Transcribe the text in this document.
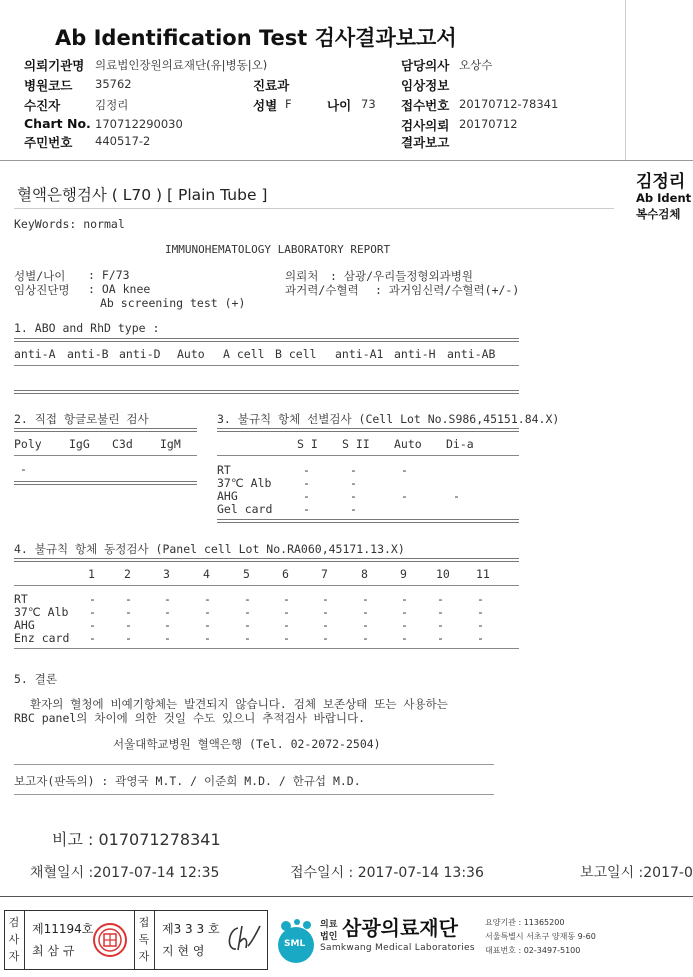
Ab Identification Test 검사결과보고서
의뢰기관명 의료법인장원의료재단(유|병동|오)
병원코드 35762
수진자	김정리
Chart No. 170712290030
주민번호 440517-2
진료과
성별 F	나이 73
담당의사 오상수
임상정보
접수번호 20170712-78341
검사의뢰 20170712
결과보고
김정리
Ab Ident
복수검체
혈액은행검사 ( L70 ) [ Plain Tube ]
KeyWords: normal
IMMUNOHEMATOLOGY LABORATORY REPORT
성별/나이 : F/73
임상진단명 : OA knee
Ab screening test (+)
의뢰처 : 삼광/우리들정형외과병원
과거력/수혈력 : 과거임신력/수혈력(+/-)
1. ABO and RhD type :
anti-A anti-B anti-D Auto A cell B cell anti-A1 anti-H anti-AB
2. 직접 항글로불린 검사
Poly IgG C3d IgM
-
3. 불규칙 항체 선별검사 (Cell Lot No.S986,45151.84.X)
S I S II Auto Di-a
RT	-	-	-
37℃ Alb	-	-
AHG	-	-	-	-
Gel card	-	-
4. 불규칙 항체 동정검사 (Panel cell Lot No.RA060,45171.13.X)
1	2	3	4	5	6	7	8	9	10 11
RT	-	-	-	-	-	-	-	-	-	-	-
37℃ Alb -	-	-	-	-	-	-	-	-	-	-
AHG	-	-	-	-	-	-	-	-	-	-	-
Enz card -	-	-	-	-	-	-	-	-	-	-
5. 결론
환자의 혈청에 비예기항체는 발견되지 않습니다. 검체 보존상태 또는 사용하는
RBC panel의 차이에 의한 것일 수도 있으니 추적검사 바랍니다.
서울대학교병원 혈액은행 (Tel. 02-2072-2504)
보고자(판독의) : 곽영국 M.T. / 이준희 M.D. / 한규섭 M.D.
비고 : 017071278341
채혈일시 :2017-07-14 12:35	접수일시 : 2017-07-14 13:36	보고일시 :2017-0
검사자
제11194호
최 삼 규
접독자
제3 3 3 호
지 현 영	SML
의료
법인 삼광의료재단
Samkwang Medical Laboratories
요양기관 : 11365200
서울특별시 서초구 양재동 9-60
대표번호 : 02-3497-5100
